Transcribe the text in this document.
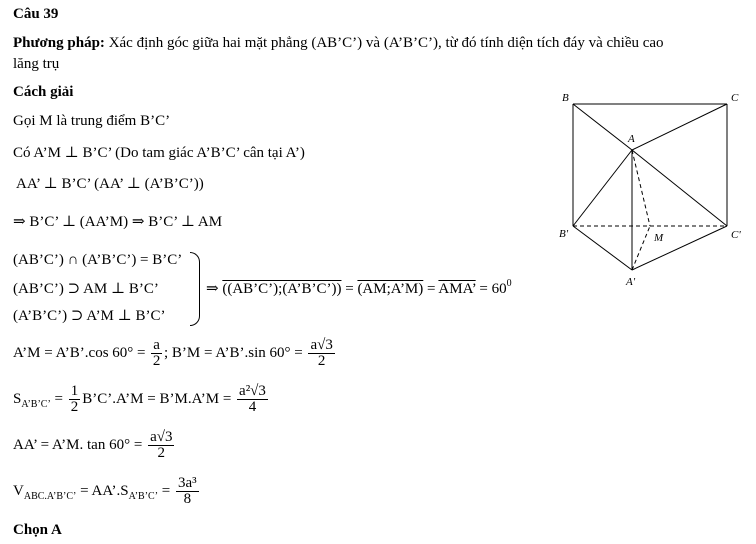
Câu 39
Phương pháp: Xác định góc giữa hai mặt phẳng (AB’C’) và (A’B’C’), từ đó tính diện tích đáy và chiều cao
lăng trụ
Cách giải
Gọi M là trung điểm B’C’
Có A’M ⊥ B’C’ (Do tam giác A’B’C’ cân tại A’)
AA’ ⊥ B’C’ (AA’ ⊥ (A’B’C’))
⇒ B’C’ ⊥ (AA’M) ⇒ B’C’ ⊥ AM
(AB’C’) ∩ (A’B’C’) = B’C’
(AB’C’) ⊃ AM ⊥ B’C’
(A’B’C’) ⊃ A’M ⊥ B’C’
⇒ ((AB’C’);(A’B’C’)) = (AM;A’M) = AMA’ = $60^0$
A’M = A’B’.cos $60^\circ = \frac{a}{2}$ ; B’M = A’B’.sin $60^\circ = \frac{a√3}{2}$
$S_{A’B’C’} = \frac{1}{2}$ B’C’.A’M = B’M.A’M = $\frac{\text{a²√3}}{4}$
AA’ = A’M. $\tan 60^\circ = \frac{a√3}{2}$
$V_{ABC.A’B’C’}$ = $AA’.S_{A’B’C’} = \frac{\text{3a³}}{8}$
Chọn A
B	C
A
B'	M	C'
A'
